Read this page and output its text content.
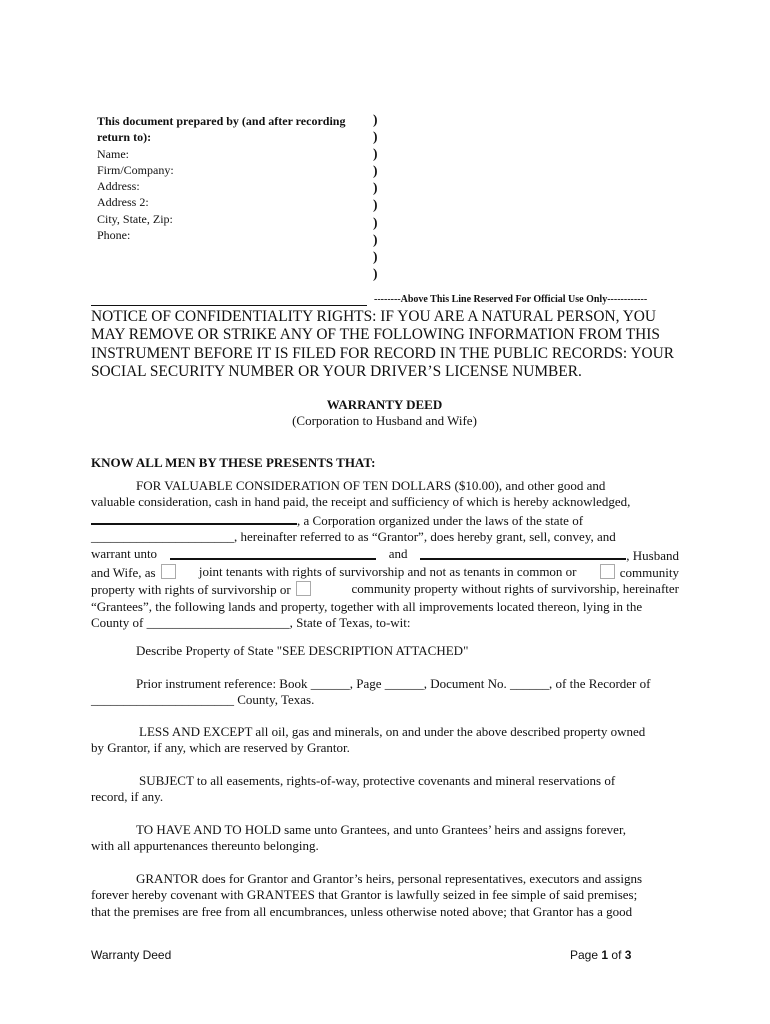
This document prepared by (and after recording
return to):
Name:
Firm/Company:
Address:
Address 2:
City, State, Zip:
Phone:
)
)
)
)
)
)
)
)
)
)
--------Above This Line Reserved For Official Use Only------------
NOTICE OF CONFIDENTIALITY RIGHTS: IF YOU ARE A NATURAL PERSON, YOU
MAY REMOVE OR STRIKE ANY OF THE FOLLOWING INFORMATION FROM THIS
INSTRUMENT BEFORE IT IS FILED FOR RECORD IN THE PUBLIC RECORDS: YOUR
SOCIAL SECURITY NUMBER OR YOUR DRIVER’S LICENSE NUMBER.
WARRANTY DEED
(Corporation to Husband and Wife)
KNOW ALL MEN BY THESE PRESENTS THAT:
FOR VALUABLE CONSIDERATION OF TEN DOLLARS ($10.00), and other good and
valuable consideration, cash in hand paid, the receipt and sufficiency of which is hereby acknowledged,
, a Corporation organized under the laws of the state of
______________________, hereinafter referred to as “Grantor”, does hereby grant, sell, convey, and
warrant unto	and	, Husband
and Wife, as	joint tenants with rights of survivorship and not as tenants in common or	community
property with rights of survivorship or	community property without rights of survivorship, hereinafter
“Grantees”, the following lands and property, together with all improvements located thereon, lying in the
County of ______________________, State of Texas, to-wit:
Describe Property of State "SEE DESCRIPTION ATTACHED"
Prior instrument reference: Book ______, Page ______, Document No. ______, of the Recorder of
______________________ County, Texas.
LESS AND EXCEPT all oil, gas and minerals, on and under the above described property owned
by Grantor, if any, which are reserved by Grantor.
SUBJECT to all easements, rights-of-way, protective covenants and mineral reservations of
record, if any.
TO HAVE AND TO HOLD same unto Grantees, and unto Grantees’ heirs and assigns forever,
with all appurtenances thereunto belonging.
GRANTOR does for Grantor and Grantor’s heirs, personal representatives, executors and assigns
forever hereby covenant with GRANTEES that Grantor is lawfully seized in fee simple of said premises;
that the premises are free from all encumbrances, unless otherwise noted above; that Grantor has a good
Warranty Deed	Page 1 of 3
